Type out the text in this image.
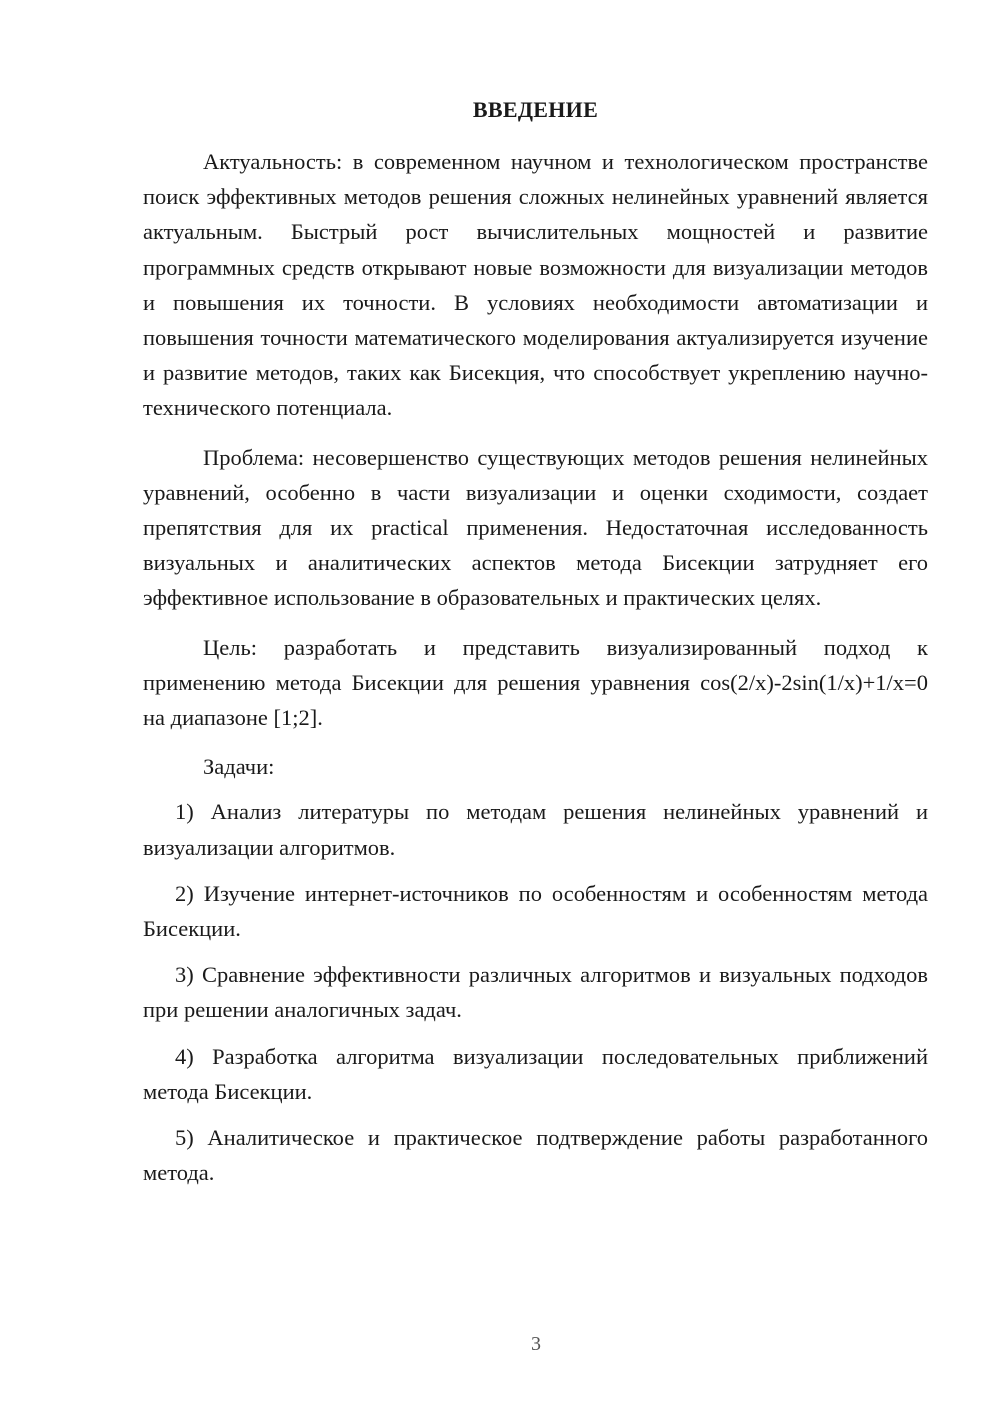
ВВЕДЕНИЕ

Актуальность: в современном научном и технологическом пространстве поиск эффективных методов решения сложных нелинейных уравнений является актуальным. Быстрый рост вычислительных мощностей и развитие программных средств открывают новые возможности для визуализации методов и повышения их точности. В условиях необходимости автоматизации и повышения точности математического моделирования актуализируется изучение и развитие методов, таких как Бисекция, что способствует укреплению научно-технического потенциала.

Проблема: несовершенство существующих методов решения нелинейных уравнений, особенно в части визуализации и оценки сходимости, создает препятствия для их practical применения. Недостаточная исследованность визуальных и аналитических аспектов метода Бисекции затрудняет его эффективное использование в образовательных и практических целях.

Цель: разработать и представить визуализированный подход к применению метода Бисекции для решения уравнения cos(2/x)-2sin(1/x)+1/x=0 на диапазоне [1;2].

Задачи:

1) Анализ литературы по методам решения нелинейных уравнений и визуализации алгоритмов.

2) Изучение интернет-источников по особенностям и особенностям метода Бисекции.

3) Сравнение эффективности различных алгоритмов и визуальных подходов при решении аналогичных задач.

4) Разработка алгоритма визуализации последовательных приближений метода Бисекции.

5) Аналитическое и практическое подтверждение работы разработанного метода.

3
